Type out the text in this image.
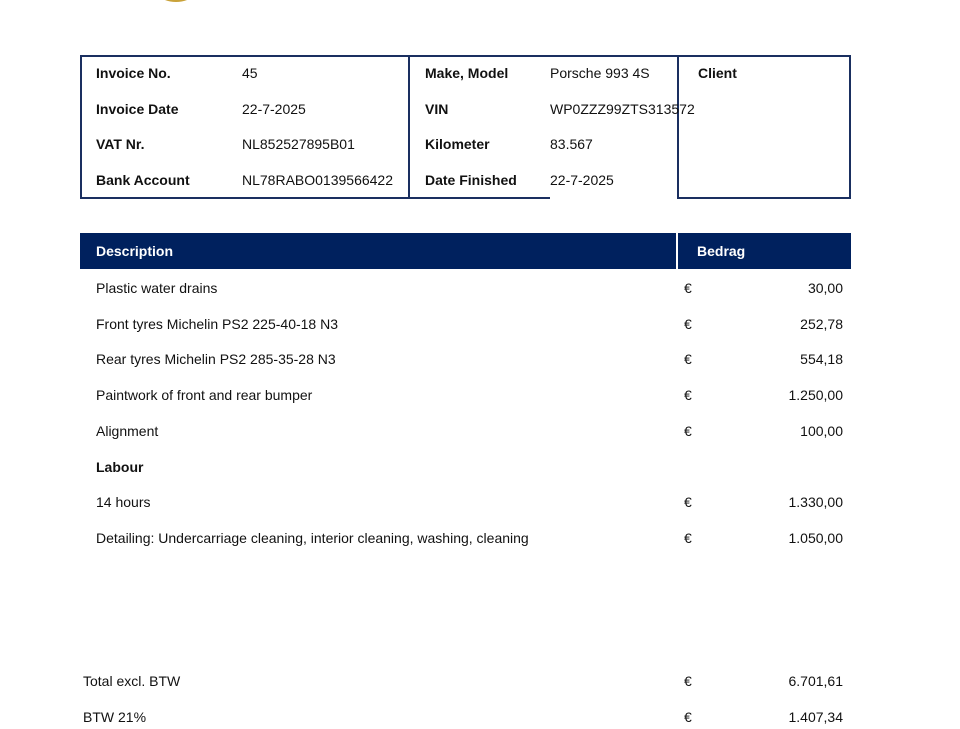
Invoice No.	45
Invoice Date	22-7-2025
VAT Nr.	NL852527895B01
Bank Account	NL78RABO0139566422
Make, Model	Porsche 993 4S
VIN	WP0ZZZ99ZTS313572
Kilometer	83.567
Date Finished 22-7-2025
Client
Description	Bedrag
Plastic water drains	€	30,00
Front tyres Michelin PS2 225-40-18 N3	€	252,78
Rear tyres Michelin PS2 285-35-28 N3	€	554,18
Paintwork of front and rear bumper	€	1.250,00
Alignment	€	100,00
Labour
14 hours	€	1.330,00
Detailing: Undercarriage cleaning, interior cleaning, washing, cleaning	€	1.050,00
Total excl. BTW	€	6.701,61
BTW 21%	€	1.407,34
